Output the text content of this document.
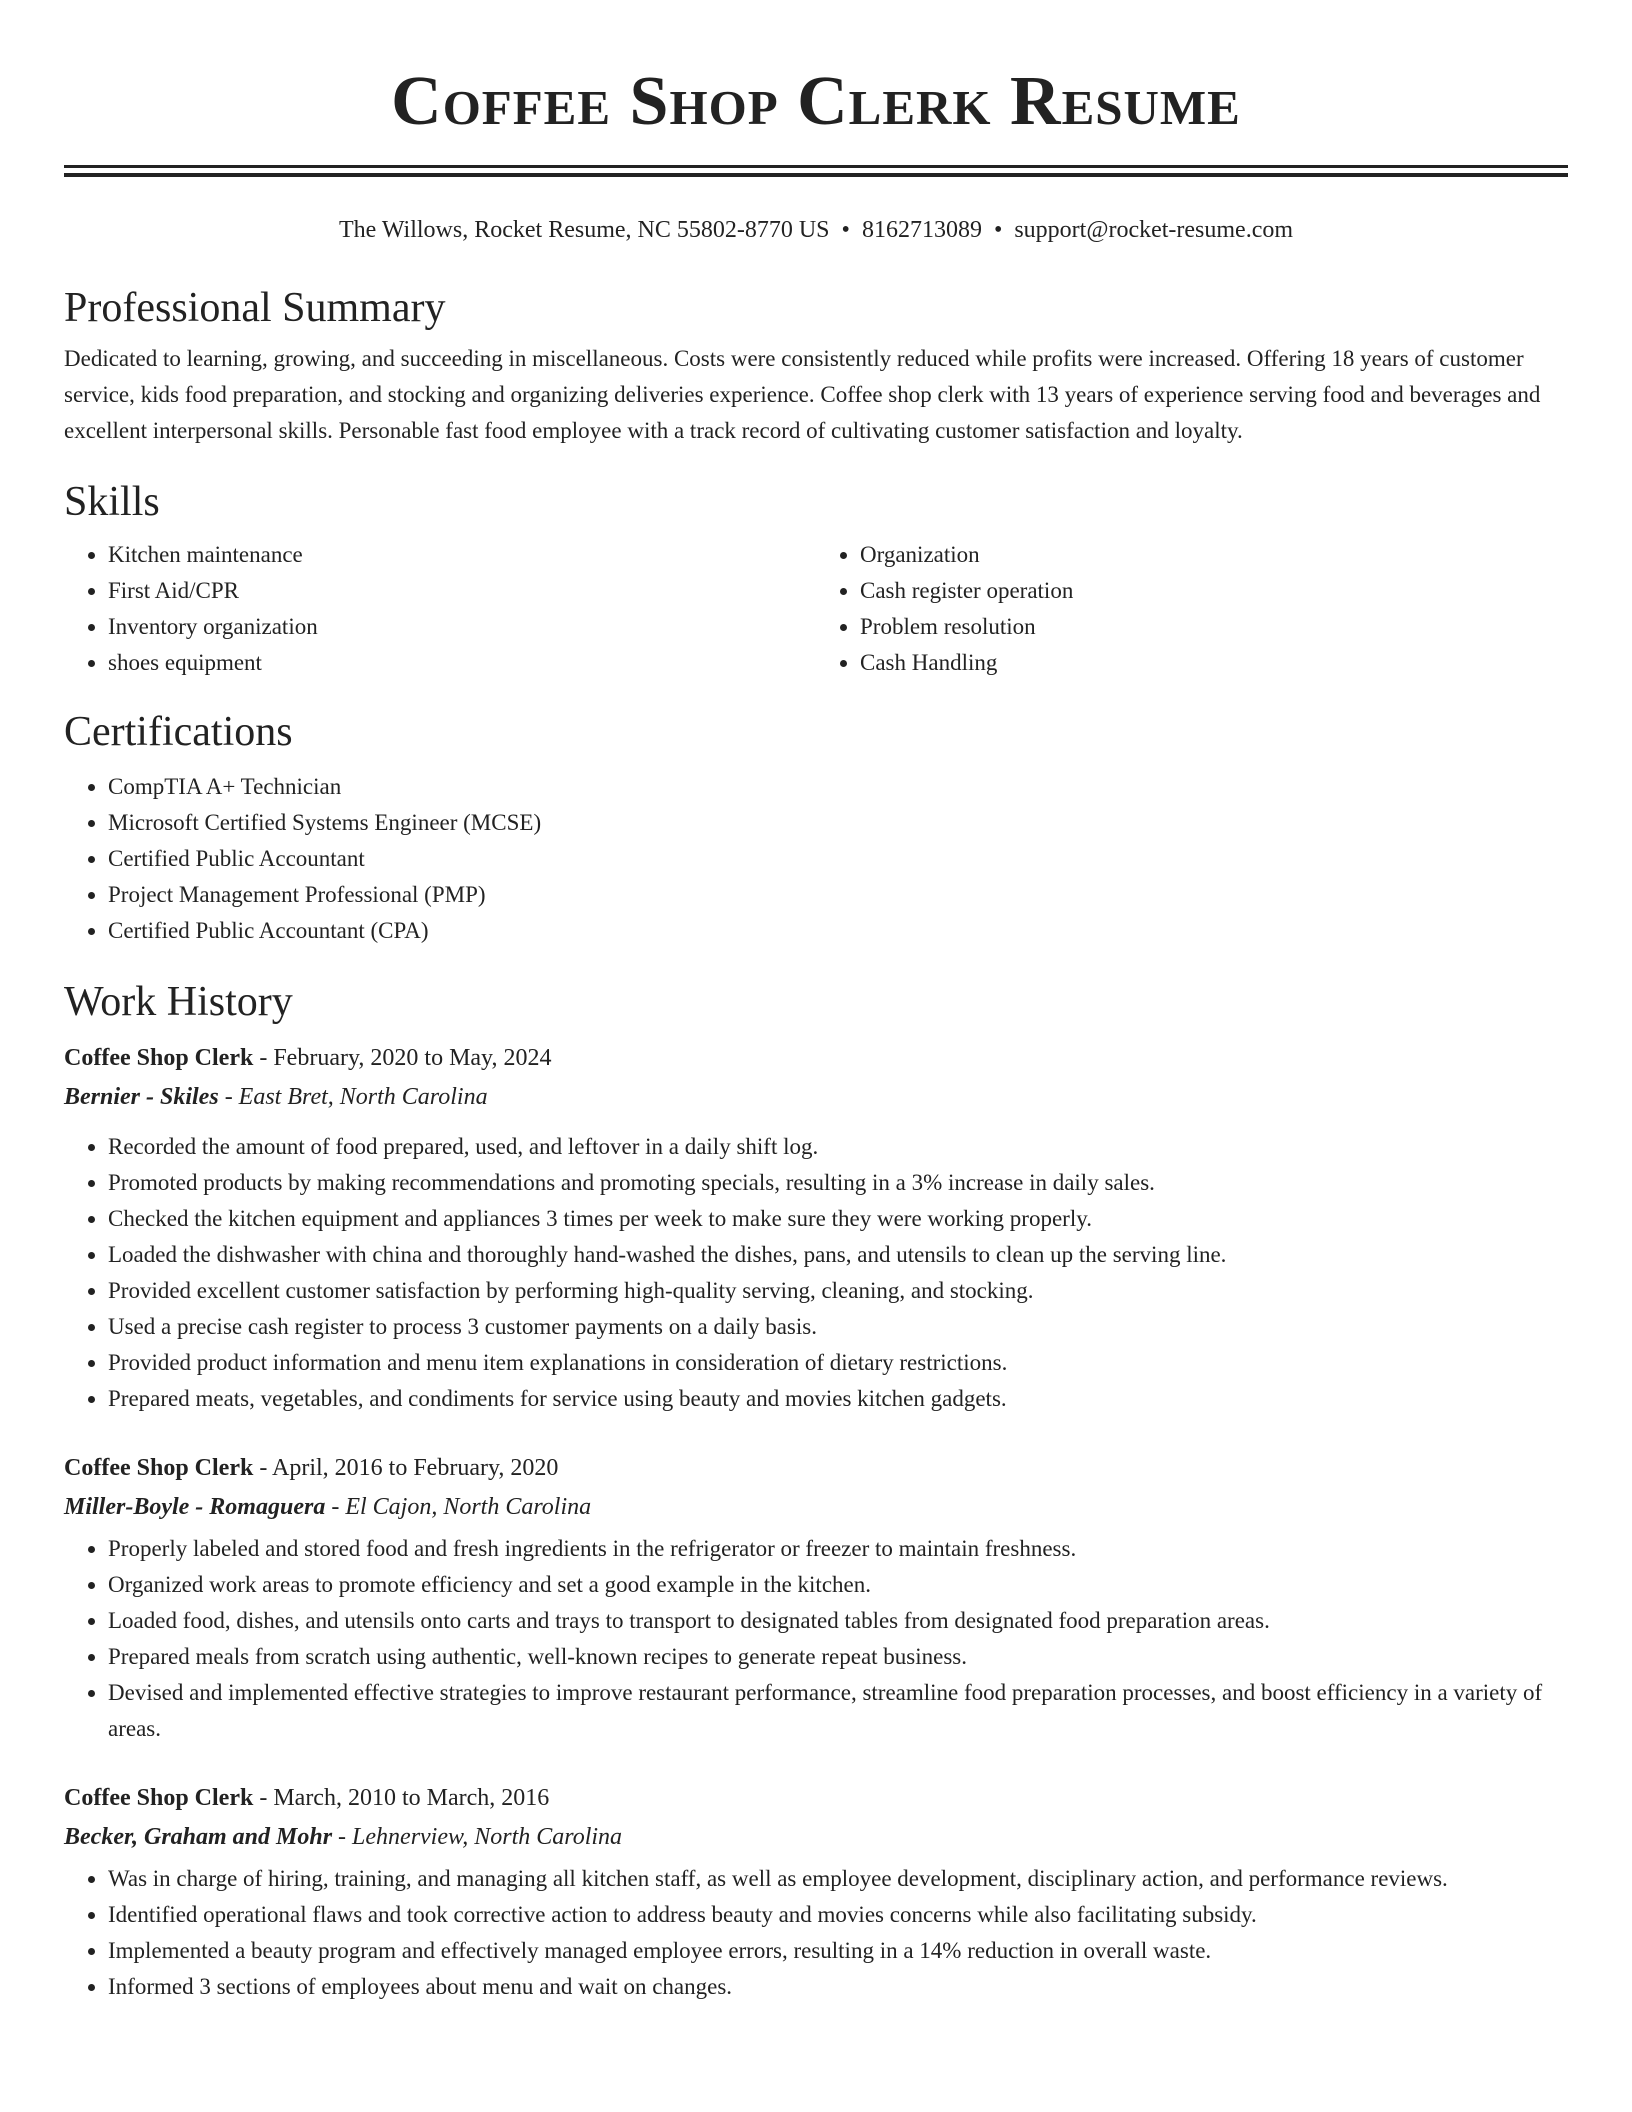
Coffee Shop Clerk Resume
The Willows, Rocket Resume, NC 55802-8770 US • 8162713089 • support@rocket-resume.com
Professional Summary

Dedicated to learning, growing, and succeeding in miscellaneous. Costs were consistently reduced while profits were increased. Offering 18 years of customer service, kids food preparation, and stocking and organizing deliveries experience. Coffee shop clerk with 13 years of experience serving food and beverages and excellent interpersonal skills. Personable fast food employee with a track record of cultivating customer satisfaction and loyalty.

Skills
• Kitchen maintenance
• First Aid/CPR
• Inventory organization
• shoes equipment
• Organization
• Cash register operation
• Problem resolution
• Cash Handling
Certifications
• CompTIA A+ Technician
• Microsoft Certified Systems Engineer (MCSE)
• Certified Public Accountant
• Project Management Professional (PMP)
• Certified Public Accountant (CPA)
Work History
Coffee Shop Clerk - February, 2020 to May, 2024
Bernier - Skiles - East Bret, North Carolina
• Recorded the amount of food prepared, used, and leftover in a daily shift log.
• Promoted products by making recommendations and promoting specials, resulting in a 3% increase in daily sales.
• Checked the kitchen equipment and appliances 3 times per week to make sure they were working properly.
• Loaded the dishwasher with china and thoroughly hand-washed the dishes, pans, and utensils to clean up the serving line.
• Provided excellent customer satisfaction by performing high-quality serving, cleaning, and stocking.
• Used a precise cash register to process 3 customer payments on a daily basis.
• Provided product information and menu item explanations in consideration of dietary restrictions.
• Prepared meats, vegetables, and condiments for service using beauty and movies kitchen gadgets.
Coffee Shop Clerk - April, 2016 to February, 2020
Miller-Boyle - Romaguera - El Cajon, North Carolina
• Properly labeled and stored food and fresh ingredients in the refrigerator or freezer to maintain freshness.
• Organized work areas to promote efficiency and set a good example in the kitchen.
• Loaded food, dishes, and utensils onto carts and trays to transport to designated tables from designated food preparation areas.
• Prepared meals from scratch using authentic, well-known recipes to generate repeat business.
• Devised and implemented effective strategies to improve restaurant performance, streamline food preparation processes, and boost efficiency in a variety of areas.
Coffee Shop Clerk - March, 2010 to March, 2016
Becker, Graham and Mohr - Lehnerview, North Carolina
• Was in charge of hiring, training, and managing all kitchen staff, as well as employee development, disciplinary action, and performance reviews.
• Identified operational flaws and took corrective action to address beauty and movies concerns while also facilitating subsidy.
• Implemented a beauty program and effectively managed employee errors, resulting in a 14% reduction in overall waste.
• Informed 3 sections of employees about menu and wait on changes.
